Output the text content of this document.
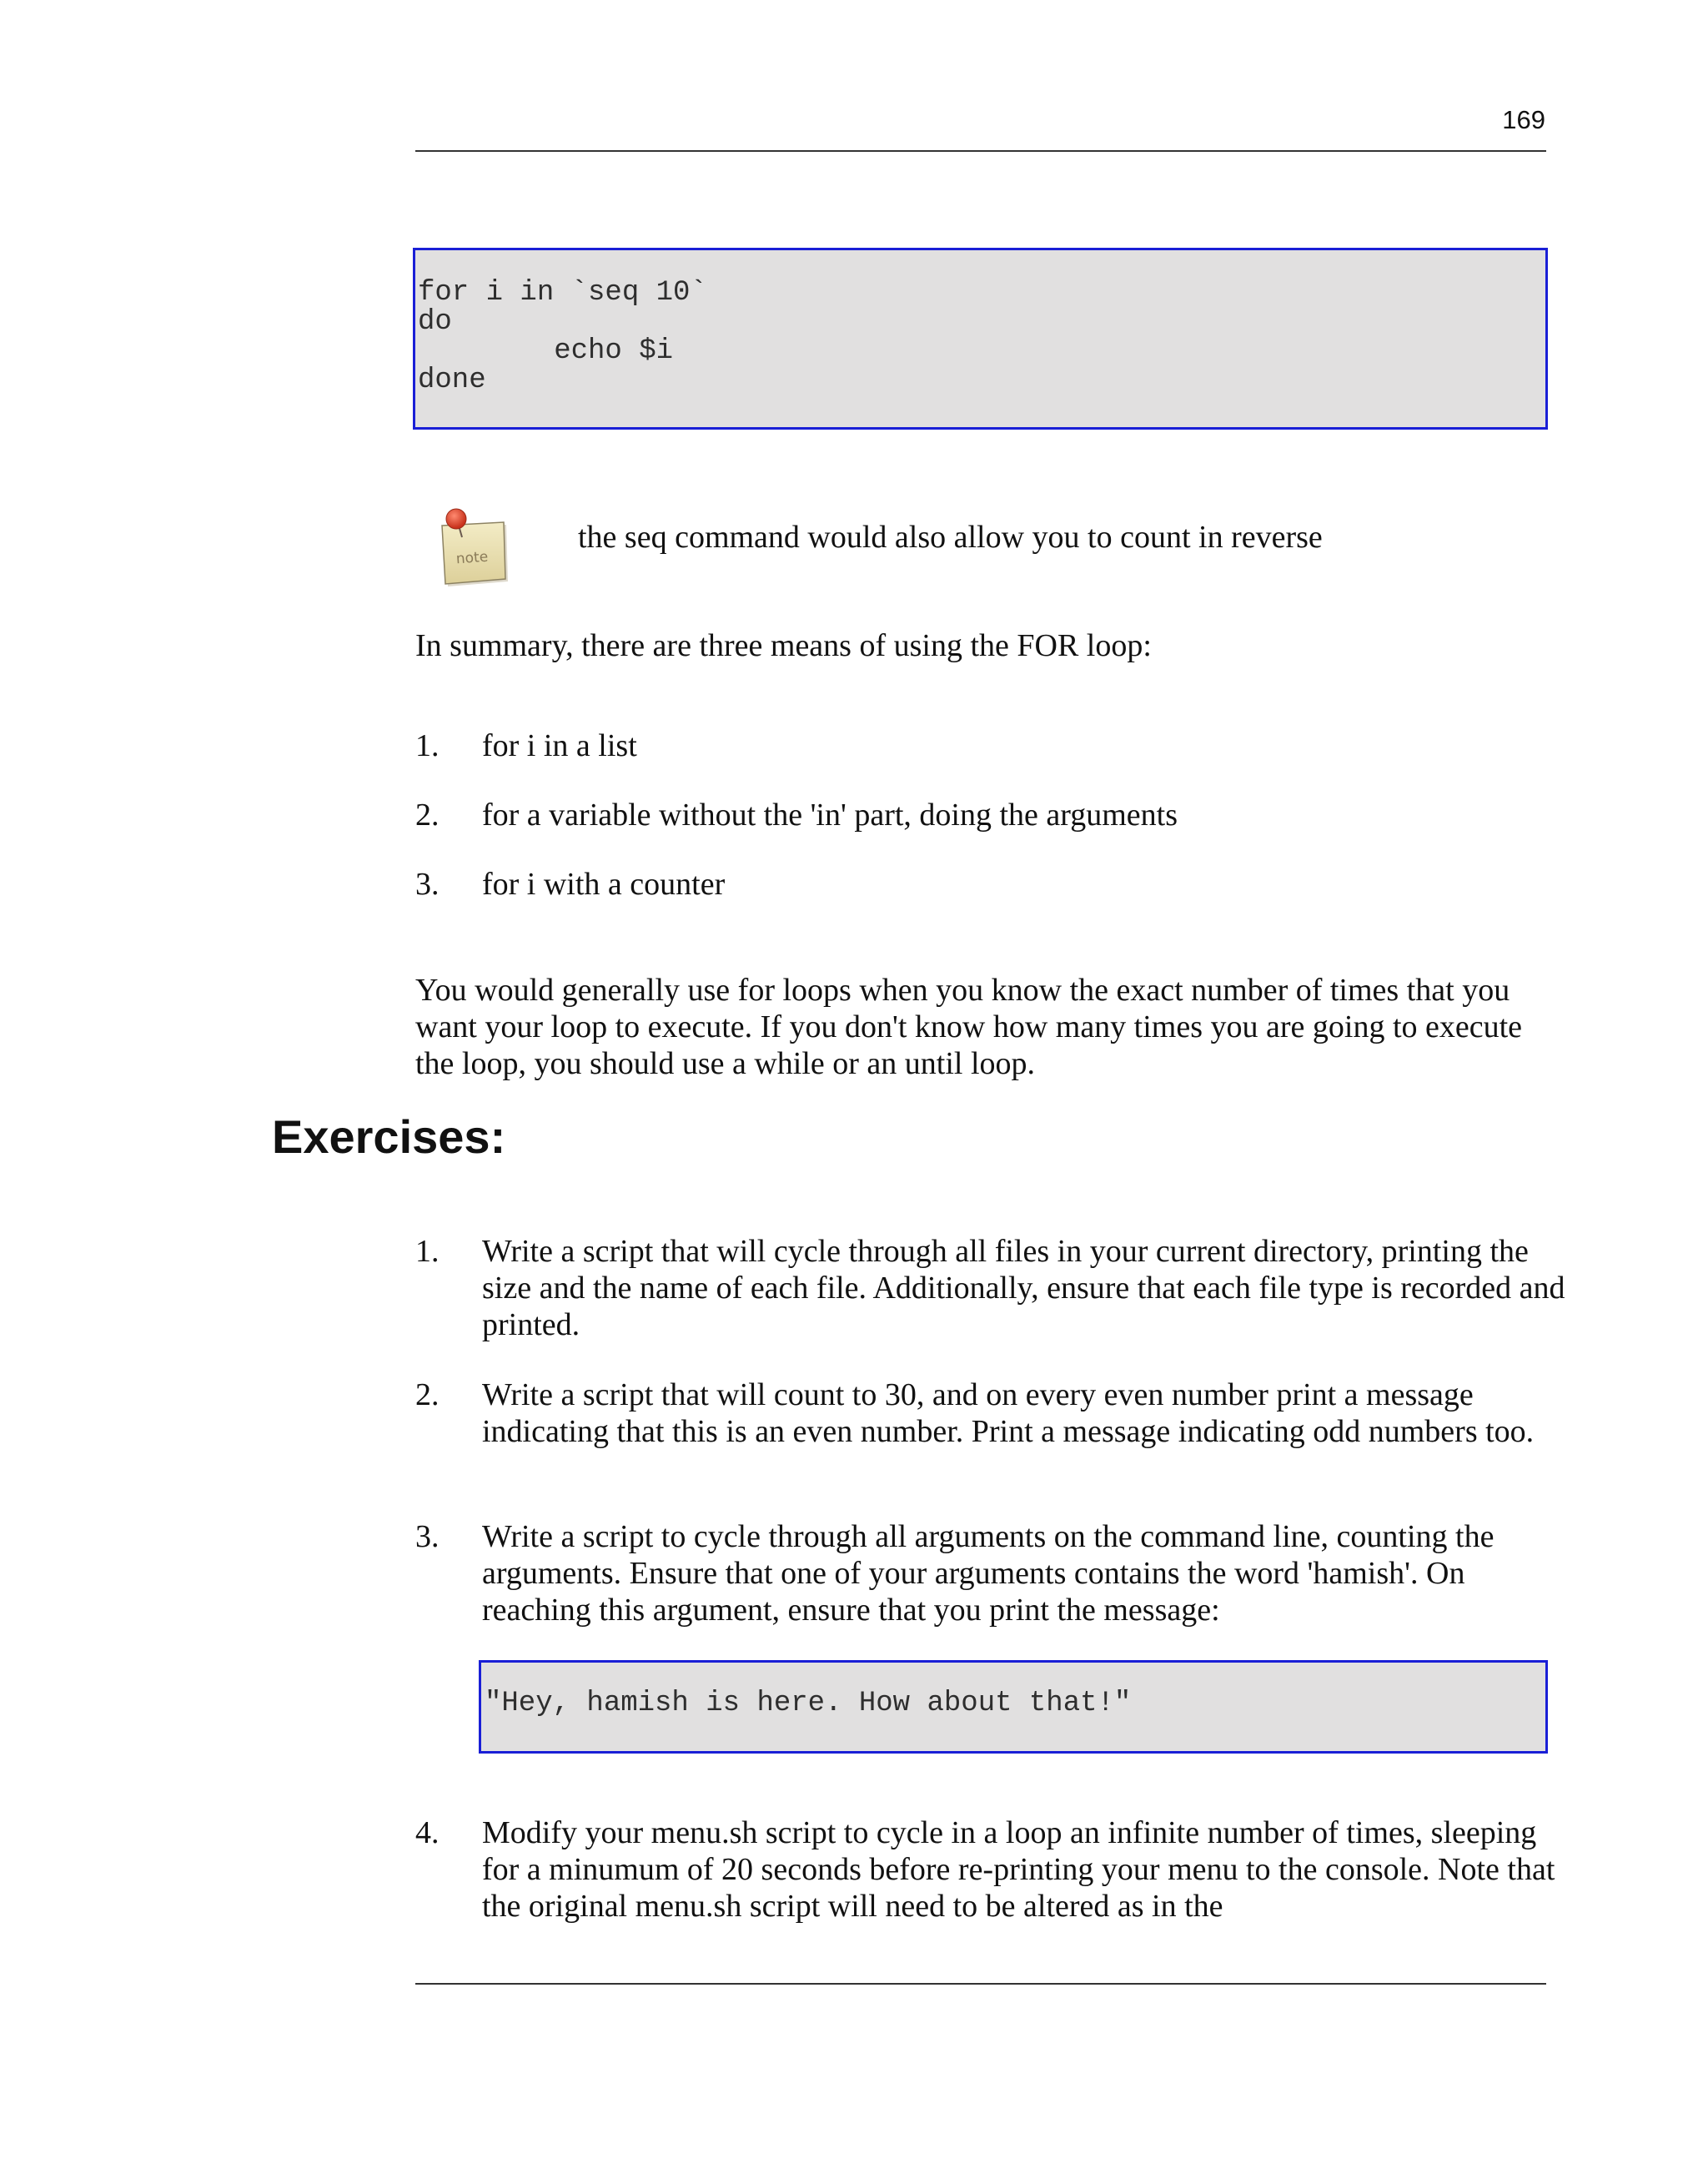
169
for i in `seq 10`
do
echo $i
done
note
the seq command would also allow you to count in reverse

In summary, there are three means of using the FOR loop:

1. for i in a list
2. for a variable without the 'in' part, doing the arguments
3. for i with a counter

You would generally use for loops when you know the exact number of times that you want your loop to execute. If you don't know how many times you are going to execute the loop, you should use a while or an until loop.

Exercises:
1. Write a script that will cycle through all files in your current directory, printing the size and the name of each file. Additionally, ensure that each file type is recorded and printed.
2. Write a script that will count to 30, and on every even number print a message indicating that this is an even number. Print a message indicating odd numbers too.
3. Write a script to cycle through all arguments on the command line, counting the arguments. Ensure that one of your arguments contains the word 'hamish'. On reaching this argument, ensure that you print the message:
"Hey, hamish is here. How about that!"
4. Modify your menu.sh script to cycle in a loop an infinite number of times, sleeping for a minumum of 20 seconds before re-printing your menu to the console. Note that the original menu.sh script will need to be altered as in the
